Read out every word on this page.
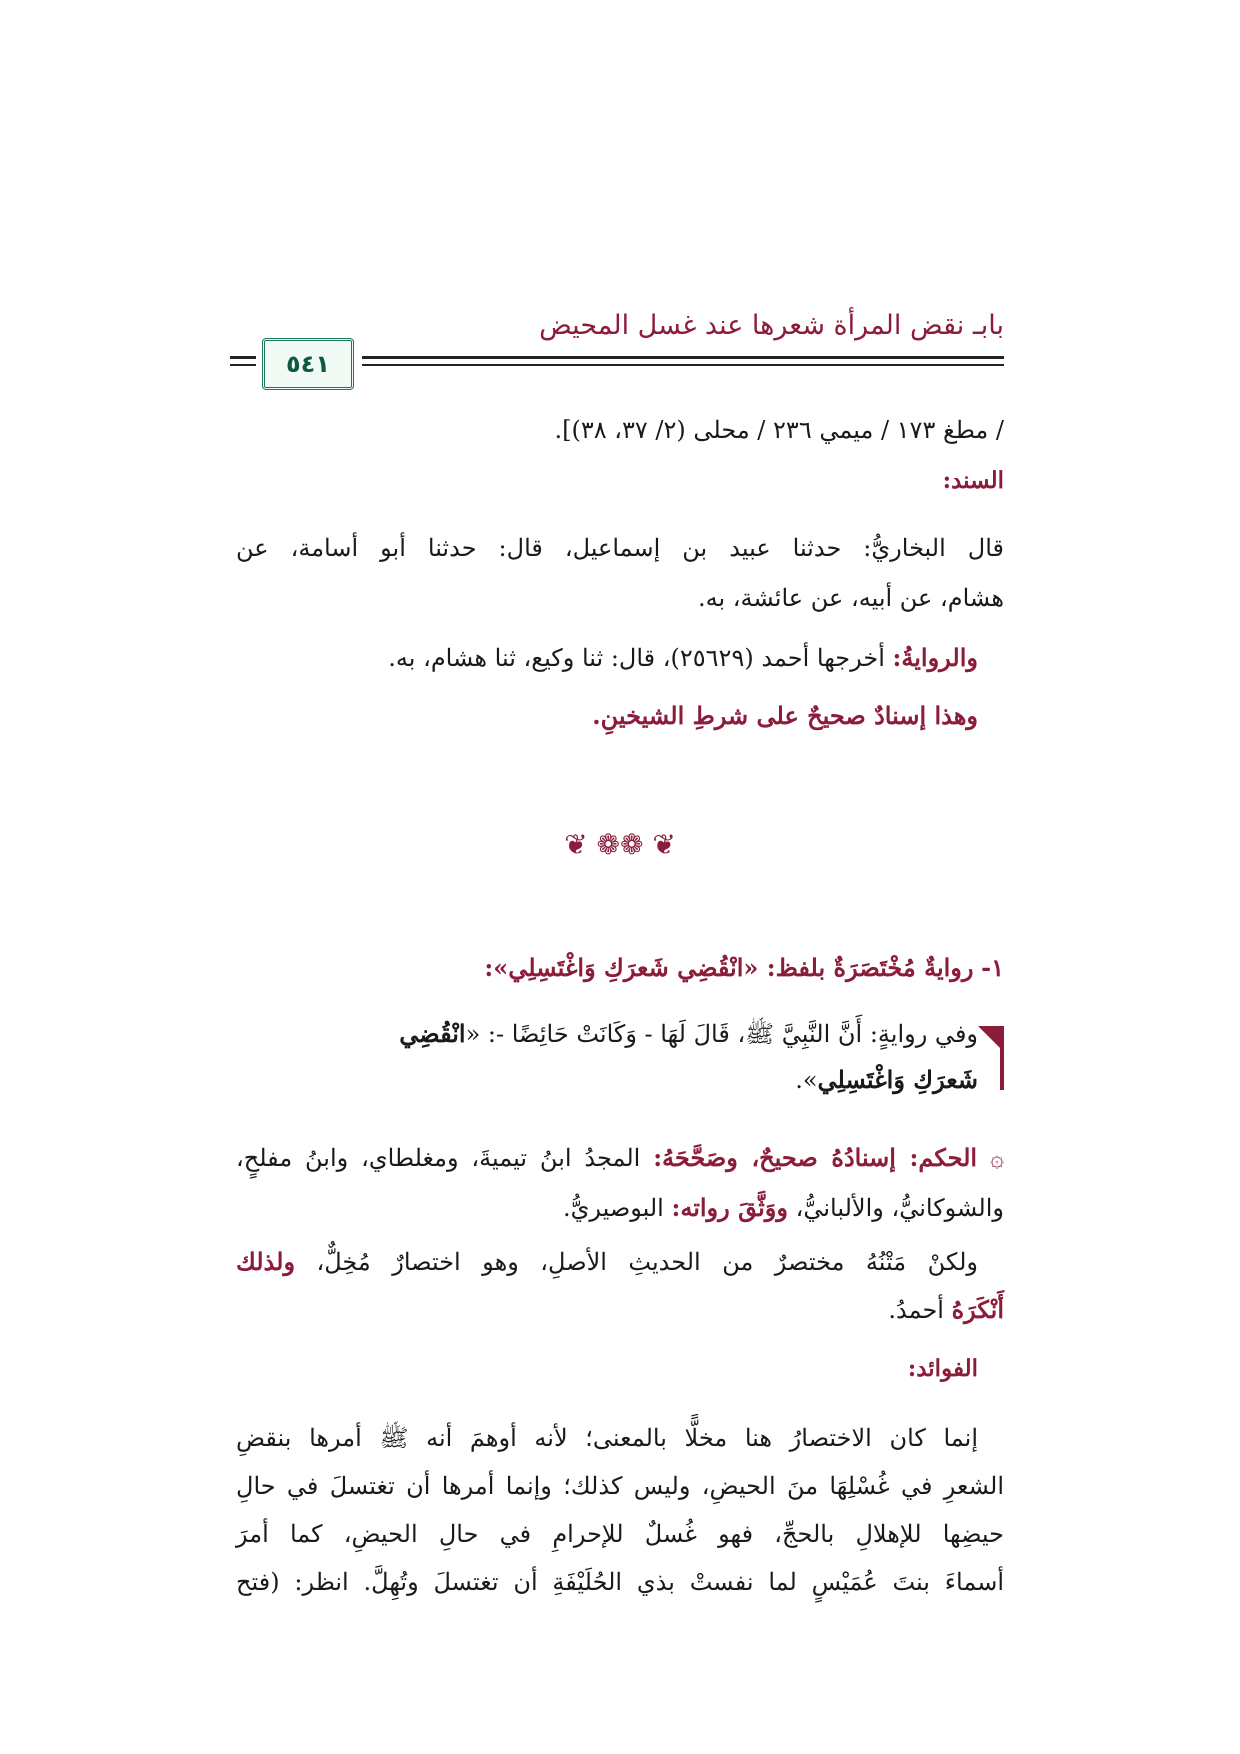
بابـ نقض المرأة شعرها عند غسل المحيض
٥٤١
/ مطغ ١٧٣ / ميمي ٢٣٦ / محلى (٢/ ٣٧، ٣٨)].
السند:
قال البخاريُّ: حدثنا عبيد بن إسماعيل، قال: حدثنا أبو أسامة، عن
هشام، عن أبيه، عن عائشة، به.
والروايةُ: أخرجها أحمد (٢٥٦٢٩)، قال: ثنا وكيع، ثنا هشام، به.
وهذا إسنادٌ صحيحٌ على شرطِ الشيخينِ.
❦ ❁❁ ❦
١- روايةٌ مُخْتَصَرَةٌ بلفظ: «انْقُضِي شَعرَكِ وَاغْتَسِلِي»:
وفي روايةٍ: أَنَّ النَّبِيَّ ﷺ، قَالَ لَهَا - وَكَانَتْ حَائِضًا -: «انْقُضِي
شَعرَكِ وَاغْتَسِلِي».
۞ الحكم: إسنادُهُ صحيحٌ، وصَحَّحَهُ: المجدُ ابنُ تيميةَ، ومغلطاي، وابنُ مفلحٍ،
والشوكانيُّ، والألبانيُّ، ووَثَّقَ رواته: البوصيريُّ.
ولكنْ مَتْنُهُ مختصرٌ من الحديثِ الأصلِ، وهو اختصارٌ مُخِلٌّ، ولذلك
أَنْكَرَهُ أحمدُ.
الفوائد:
إنما كان الاختصارُ هنا مخلًّا بالمعنى؛ لأنه أوهمَ أنه ﷺ أمرها بنقضِ
الشعرِ في غُسْلِهَا منَ الحيضِ، وليس كذلك؛ وإنما أمرها أن تغتسلَ في حالِ
حيضِها للإهلالِ بالحجِّ، فهو غُسلٌ للإحرامِ في حالِ الحيضِ، كما أمرَ
أسماءَ بنتَ عُمَيْسٍ لما نفستْ بذي الحُلَيْفَةِ أن تغتسلَ وتُهِلَّ. انظر: (فتح
